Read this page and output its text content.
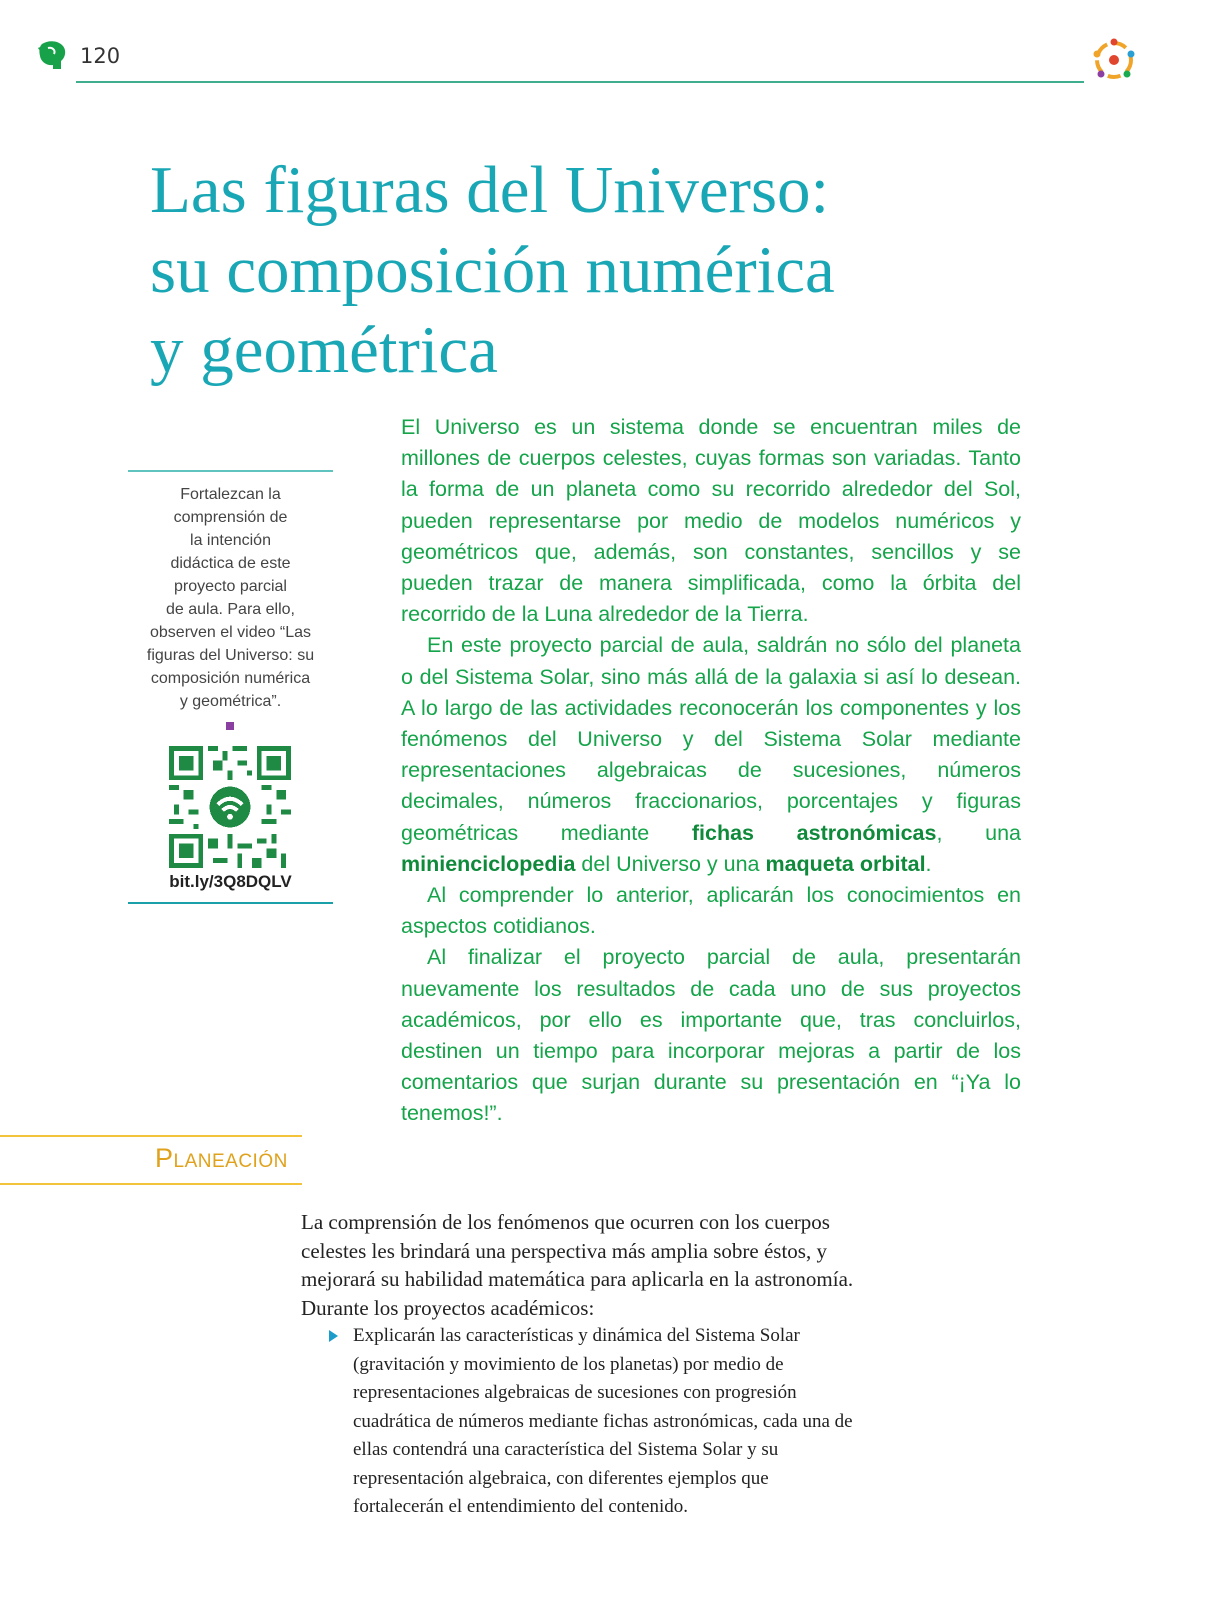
120
Las figuras del Universo:
su composición numérica
y geométrica
Fortalezcan la
comprensión de
la intención
didáctica de este
proyecto parcial
de aula. Para ello,
observen el video “Las
figuras del Universo: su
composición numérica
y geométrica”.
bit.ly/3Q8DQLV

El Universo es un sistema donde se encuentran miles de millones de cuerpos celestes, cuyas formas son variadas. Tanto la forma de un planeta como su recorrido alrededor del Sol, pueden representarse por medio de modelos numéricos y geométricos que, además, son constantes, sencillos y se pueden trazar de manera simplificada, como la órbita del recorrido de la Luna alrededor de la Tierra.

En este proyecto parcial de aula, saldrán no sólo del planeta o del Sistema Solar, sino más allá de la galaxia si así lo desean. A lo largo de las actividades reconocerán los componentes y los fenómenos del Universo y del Sistema Solar mediante representaciones algebraicas de sucesiones, números decimales, números fraccionarios, porcentajes y figuras geométricas mediante fichas astronómicas, una minienciclopedia del Universo y una maqueta orbital.

Al comprender lo anterior, aplicarán los conocimientos en aspectos cotidianos.

Al finalizar el proyecto parcial de aula, presentarán nuevamente los resultados de cada uno de sus proyectos académicos, por ello es importante que, tras concluirlos, destinen un tiempo para incorporar mejoras a partir de los comentarios que surjan durante su presentación en “¡Ya lo tenemos!”.

Planeación

La comprensión de los fenómenos que ocurren con los cuerpos celestes les brindará una perspectiva más amplia sobre éstos, y mejorará su habilidad matemática para aplicarla en la astronomía. Durante los proyectos académicos:

Explicarán las características y dinámica del Sistema Solar (gravitación y movimiento de los planetas) por medio de representaciones algebraicas de sucesiones con progresión cuadrática de números mediante fichas astronómicas, cada una de ellas contendrá una característica del Sistema Solar y su representación algebraica, con diferentes ejemplos que fortalecerán el entendimiento del contenido.
